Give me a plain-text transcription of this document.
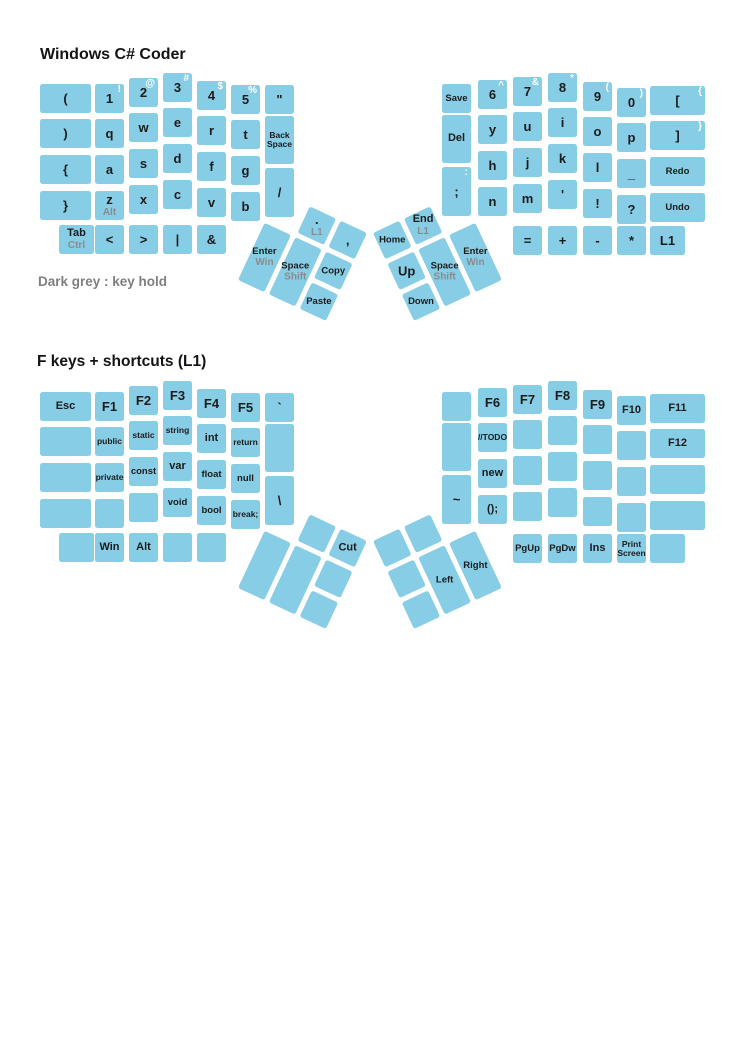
Windows C# Coder
Dark grey : key hold
F keys + shortcuts (L1)
(
)
{
}
!
1
q
a
z
Alt
@
2
w
s
x
#
3
e
d
c
$
4
r
f
v
%
5
t
g
b
"
Back Space
/
Tab
Ctrl < > | &
Save
Del
:
;
^
6
y
h
n
&
7
u
j
m
*
8
i
k
'
(
9
o
l
!
)
0
p
_
?
{
[
}
]
Redo
Undo
= + - * L1
.
L1
,
Enter
Win Space
Shift
Copy
Paste
Home
End
L1
Up Space
Shift
Enter
Win
Down
Esc F1
public
private
F2
static
const
F3
string
var
void
F4
int
float
bool
F5
return
null
break;
`
\
Win Alt
~
F6
//TODO
new
();
F7 F8
F9 F10 F11
F12
PgUp PgDw Ins	Print Screen
Cut
Left
Right
